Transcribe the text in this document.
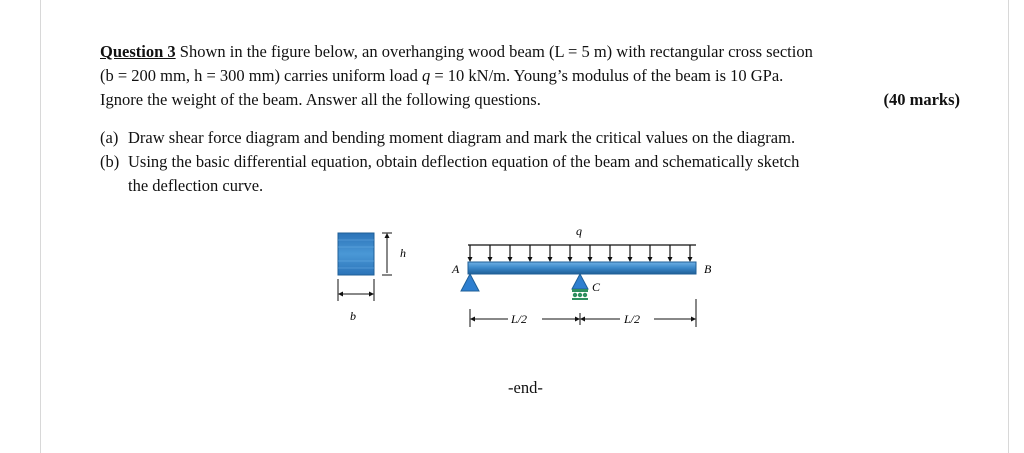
Question 3 Shown in the figure below, an overhanging wood beam (L = 5 m) with rectangular cross section
(b = 200 mm, h = 300 mm) carries uniform load q = 10 kN/m. Young’s modulus of the beam is 10 GPa.
Ignore the weight of the beam. Answer all the following questions.	(40 marks)
(a) Draw shear force diagram and bending moment diagram and mark the critical values on the diagram.
(b) Using the basic differential equation, obtain deflection equation of the beam and schematically sketch
the deflection curve.
h
b
q
A	B
C
L/2	L/2
-end-
